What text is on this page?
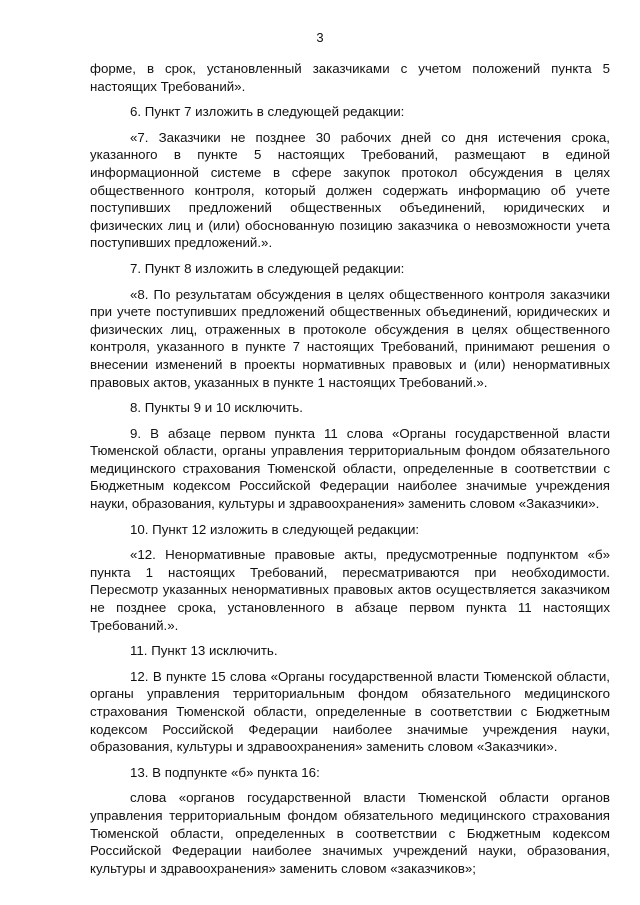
3

форме, в срок, установленный заказчиками с учетом положений пункта 5 настоящих Требований».

6. Пункт 7 изложить в следующей редакции:

«7. Заказчики не позднее 30 рабочих дней со дня истечения срока, указанного в пункте 5 настоящих Требований, размещают в единой информационной системе в сфере закупок протокол обсуждения в целях общественного контроля, который должен содержать информацию об учете поступивших предложений общественных объединений, юридических и физических лиц и (или) обоснованную позицию заказчика о невозможности учета поступивших предложений.».

7. Пункт 8 изложить в следующей редакции:

«8. По результатам обсуждения в целях общественного контроля заказчики при учете поступивших предложений общественных объединений, юридических и физических лиц, отраженных в протоколе обсуждения в целях общественного контроля, указанного в пункте 7 настоящих Требований, принимают решения о внесении изменений в проекты нормативных правовых и (или) ненормативных правовых актов, указанных в пункте 1 настоящих Требований.».

8. Пункты 9 и 10 исключить.

9. В абзаце первом пункта 11 слова «Органы государственной власти Тюменской области, органы управления территориальным фондом обязательного медицинского страхования Тюменской области, определенные в соответствии с Бюджетным кодексом Российской Федерации наиболее значимые учреждения науки, образования, культуры и здравоохранения» заменить словом «Заказчики».

10. Пункт 12 изложить в следующей редакции:

«12. Ненормативные правовые акты, предусмотренные подпунктом «б» пункта 1 настоящих Требований, пересматриваются при необходимости. Пересмотр указанных ненормативных правовых актов осуществляется заказчиком не позднее срока, установленного в абзаце первом пункта 11 настоящих Требований.».

11. Пункт 13 исключить.

12. В пункте 15 слова «Органы государственной власти Тюменской области, органы управления территориальным фондом обязательного медицинского страхования Тюменской области, определенные в соответствии с Бюджетным кодексом Российской Федерации наиболее значимые учреждения науки, образования, культуры и здравоохранения» заменить словом «Заказчики».

13. В подпункте «б» пункта 16:

слова «органов государственной власти Тюменской области органов управления территориальным фондом обязательного медицинского страхования Тюменской области, определенных в соответствии с Бюджетным кодексом Российской Федерации наиболее значимых учреждений науки, образования, культуры и здравоохранения» заменить словом «заказчиков»;
